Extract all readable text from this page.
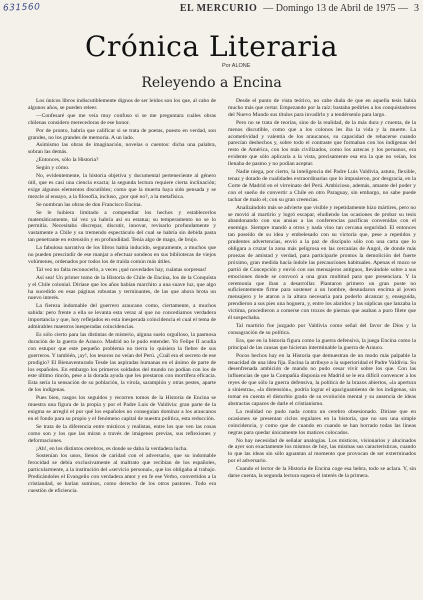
631560	EL MERCURIO — Domingo 13 de Abril de 1975 — 3
Crónica Literaria
Por ALONE
Releyendo a Encina

Los únicos libros indiscutiblemente dignos de ser leídos son los que, al cabo de algunos años, se pueden releer.

—Confesaré que me veía muy confuso si se me preguntara cuáles obras chilenas considero merecedoras de ese honor.

Por de pronto, habría que calificar si se trata de poetas, puesto en verdad, son grandes, no los grandes de memoria. A un lado.

Asimismo las obras de imaginación, novelas o cuentos: dicha una palabra, sobran las demás.

¿Entonces, sólo la Historia?

Según y cómo.

No, evidentemente, la historia objetiva y documental perteneciente al género útil, que es casi una ciencia exacta; la segunda lectura requiere cierta inclinación; exige algunos elementos discutibles; como que la muerta haya sido pensada y se mezcle al ensayo, a la filosofía, incluso, ¿por qué no?, a la metafísica.

Se nombran las obras de don Francisco Encina.

Se le hubiera limitado a compendiar los hechos y establecerlos matemáticamente, tal vez ya habría así su estatua; su temperamento no se lo permitía. Necesitaba discrepar, discutir, innovar, revisarlo profundamente y vastamente a Chile y su tremendo espectáculo del cual se habría sin debida pasta tan penetrante en extensión y en profundidad. Tenía algo de mago, de brujo.

La fabulosa narrativa de los libros había inducido, seguramente, a muchos que no pueden prescindir de ese manjar a efectuar sondeos en sus bibliotecas de viejos volúmenes, ordenados por todos los de traída común más útiles.

Tal vez no falta reconocerlo, a veces ¡qué novedades hay, cuántas sorpresas!

Así sea! Un primer tomo de la Historia de Chile de Encina, los de la Conquista y el Chile colonial. Diríase que los años habían marchito a una suave luz, que algo ha sucedido en esas páginas robustas y terminantes, de las que ahora brota un nuevo interés.

La fiereza indomable del guerrero araucano como, ciertamente, a muchos sabida: pero frente a ella se levanta esta veraz al que no concedíamos verdadera importancia y que, hoy reflejados en esta inesperada coincidencia el cual el tema de admirables maestros inesperadas coincidencias.

Es sólo cierto para las distintas de misterio, alguna suelo orgulloso, la pasmosa duración de la guerra de Arauco. Madrid no le pudo entender. Yo Felipe II acudía con estupor que este pequeño problema no tierra lo quisiera la fiebre de sus guerreros. Y también, ¡ay!, los tesoros no veían del Perú. ¿Cuál era el secreto de ese prodigio? El Bienaventurado Tesde las aspiradas humanas en el ánimo de parte de los españoles. En embargo los primeros soldados del mundo no podían con los de este último rincón, pese a la dorada ayuda que les prestaron con mortífera eficacia. Esta sería la sensación de su población, la virola, sarampión y otras pestes, aparte de los indígenas.

Pues bien, rasgos los seguidos y recorren tomos de la Historia de Encina se muestra una figura de la propia y por el Padre Luis de Valdivia: gran parte de la enigma se arregló el por qué los españoles no conseguían dominar a los araucanos en el fondo para su propio y el fenómeno capital de nuestra política, esta reducción.

Se trata de la diferencia entre místicos y realistas, entre los que ven las cosas como son y los que las miran a través de imágenes previas, sus reflexiones y deformaciones.

¡Ah!, en los distintos cerebros, es donde se daba la verdadera lucha.

Sostenían los unos, llenos de caridad con el adversario, que su indomable ferocidad se debía exclusivamente al maltrato que recibían de los españoles, particularmente, a la institución del «servicio personal», que los obligaba al trabajo. Predicándoles el Evangelio con verdadera amor y en fe ese Verbo, convertidos a la cristiandad, se harían sumisos, como derecho de los otros pastores. Todo era cuestión de eficiencia.

Desde el punto de vista teórico, no cabe duda de que en aquella tesis había mucho más que certar. Empezando por la raíz: bastaba pedirles a los conquistadores del Nuevo Mundo sus títulos para invadirlo y a tendérsenlo para largo.

Pero no se trata de teorías, sino de la realidad, de la más dura y cruenta, de la menos discutible, como que a los colonos les iba la vida y la muerte. La acometividad y valentía de los araucanos, su capacidad de rehacerse cuando parecían deshechos y, sobre todo el contraste que formaban con los indígenas del resto de América, con los más civilizados, como los aztecas y los peruanos, era evidente que sólo aplicaría a la vista, precisamente esa era la que no veían, los llenaba de pasmo y no podían aceptar.

Nadie niega, por cierto, la inteligencia del Padre Luis Valdivia, astuto, flexible, tenaz y dotado de cualidades extraordinarias que lo impusieron, por desgracia, en la Corte de Madrid en el virreinato del Perú. Ambicioso, además, amante del poder y con el sueño de convertir a Chile en otro Paraguay, sin embargo, no sabe puede tachar de malo el; con su gran creencias.

Analizándolo más se advierte que visible y repetidamente hizo mártires, pero no se movió al martirio y logró escapar, eludiendo las ocasiones de probar su tesis abandonando con sus ansias a las conferencias pacíficas convenidas con el enemigo. Siempre mandó a otros y nada vino tan cercana seguridad. El entonces tan poseído de su idea y embelesado con su victoria que, pese a repetidos y prudentes advertencias, envió a la paz de discípulo sólo con una carta que lo obligara a cruzar la zona más peligrosa en las cercanías de Angol, de donde más proezas de amistad y verdad, para participarle prontos la demolición del fuerte próximo, gran medida hacia índole las precauciones habituales. Apenas el mozo se partió de Concepción y envió con sus mensajeros antiguos, llevándole sobre a sus emociones donde se convocó a una gran multitud para que presenciara. Y la ceremonia que iban a desarrollar. Plantaron primero un gran poste no suficientemente firme para sostener a un hombre, desnudaron encima al joven mensajero y le ataron a la altura necesaria para poderlo alcanzar y, enseguida, prendieron a sus pies una hoguera, y, entre los alaridos y las súplicas que lanzaba la víctima, procedieron a comerse con trozos de piernas que asaban a puro filete que él sospechaba.

Tal martirio fue juzgado por Valdivia como señal del favor de Dios y la consagración de su política.

Era, que en la historia figura como la guerra defensiva, la juega Encina como la principal de las causas que hicieran interminable la guerra de Arauco.

Pocos hechos hay en la Historia que demuestran de un modo más palpable la tenacidad de una idea fija. Encina la atribuye a la superioridad el Padre Valdivia. Su desenfrenada ambición de mando no pudo cesar vivir sobre los que. Con las influencias de que la Compañía disponía en Madrid se le era difícil convencer a los reyes de que sólo la guerra defensiva, la política de la brazos abiertos, «la apertura a siniestra», «la distensión», podría lograr el apaciguamiento de los indígenas, sin tomar en cuenta el disturbio grado de su evolución mental y su ausencia de ideas abstractas capaces de darle el cristianismo.

La realidad no pudo nada contra un cerebro obsesionado. Diríase que en ocasiones se presentan ciclos regulares en la historia, que no son una simple coincidencia, y como que de cuando en cuando se han borrado todas las líneas negras para quedar únicamente los matices colocados.

No hay necesidad de señalar analogías. Los místicos, visionarios y alucinados de ayer son exactamente los mismos de hoy, las mismas sus características, cuando lo que las ideas sin sólo aguantan al momento que provocan de ser exterminados por el adversario.

Cuando el lector de la Historia de Encina coge esa hebra, todo se aclara. Y, sin darse cuenta, la segunda lectura supera el interés de la primera.
